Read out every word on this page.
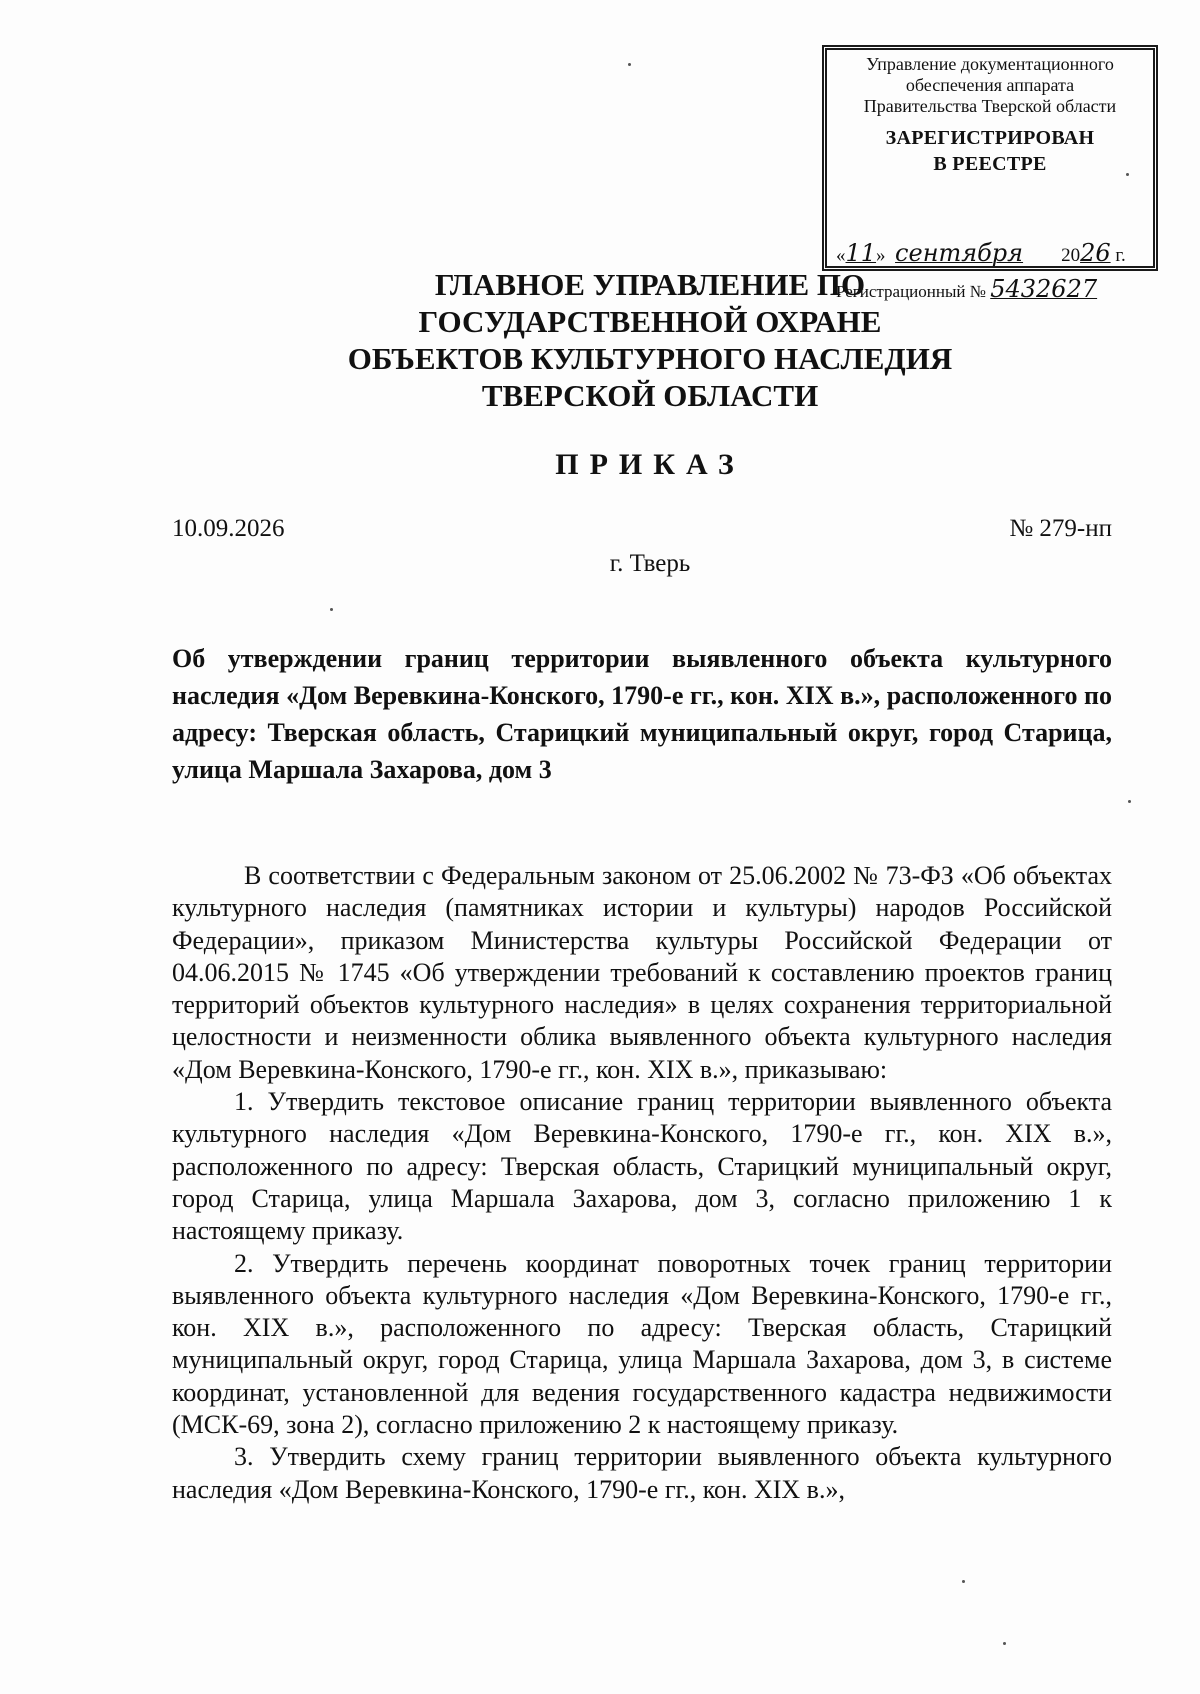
Управление документационного
обеспечения аппарата
Правительства Тверской области
ЗАРЕГИСТРИРОВАН
В РЕЕСТРЕ
«11» сентября 2026 г.
Регистрационный № 5432627
ГЛАВНОЕ УПРАВЛЕНИЕ ПО
ГОСУДАРСТВЕННОЙ ОХРАНЕ
ОБЪЕКТОВ КУЛЬТУРНОГО НАСЛЕДИЯ
ТВЕРСКОЙ ОБЛАСТИ
ПРИКАЗ
10.09.2026	№ 279-нп
г. Тверь
Об утверждении границ территории выявленного объекта культурного наследия «Дом Веревкина-Конского, 1790-е гг., кон. XIX в.», расположенного по адресу: Тверская область, Старицкий муниципальный округ, город Старица, улица Маршала Захарова, дом 3

В соответствии с Федеральным законом от 25.06.2002 № 73-ФЗ «Об объектах культурного наследия (памятниках истории и культуры) народов Российской Федерации», приказом Министерства культуры Российской Федерации от 04.06.2015 № 1745 «Об утверждении требований к составлению проектов границ территорий объектов культурного наследия» в целях сохранения территориальной целостности и неизменности облика выявленного объекта культурного наследия «Дом Веревкина-Конского, 1790-е гг., кон. XIX в.», приказываю:

1. Утвердить текстовое описание границ территории выявленного объекта культурного наследия «Дом Веревкина-Конского, 1790-е гг., кон. XIX в.», расположенного по адресу: Тверская область, Старицкий муниципальный округ, город Старица, улица Маршала Захарова, дом 3, согласно приложению 1 к настоящему приказу.

2. Утвердить перечень координат поворотных точек границ территории выявленного объекта культурного наследия «Дом Веревкина-Конского, 1790-е гг., кон. XIX в.», расположенного по адресу: Тверская область, Старицкий муниципальный округ, город Старица, улица Маршала Захарова, дом 3, в системе координат, установленной для ведения государственного кадастра недвижимости (МСК-69, зона 2), согласно приложению 2 к настоящему приказу.

3. Утвердить схему границ территории выявленного объекта культурного наследия «Дом Веревкина-Конского, 1790-е гг., кон. XIX в.»,
